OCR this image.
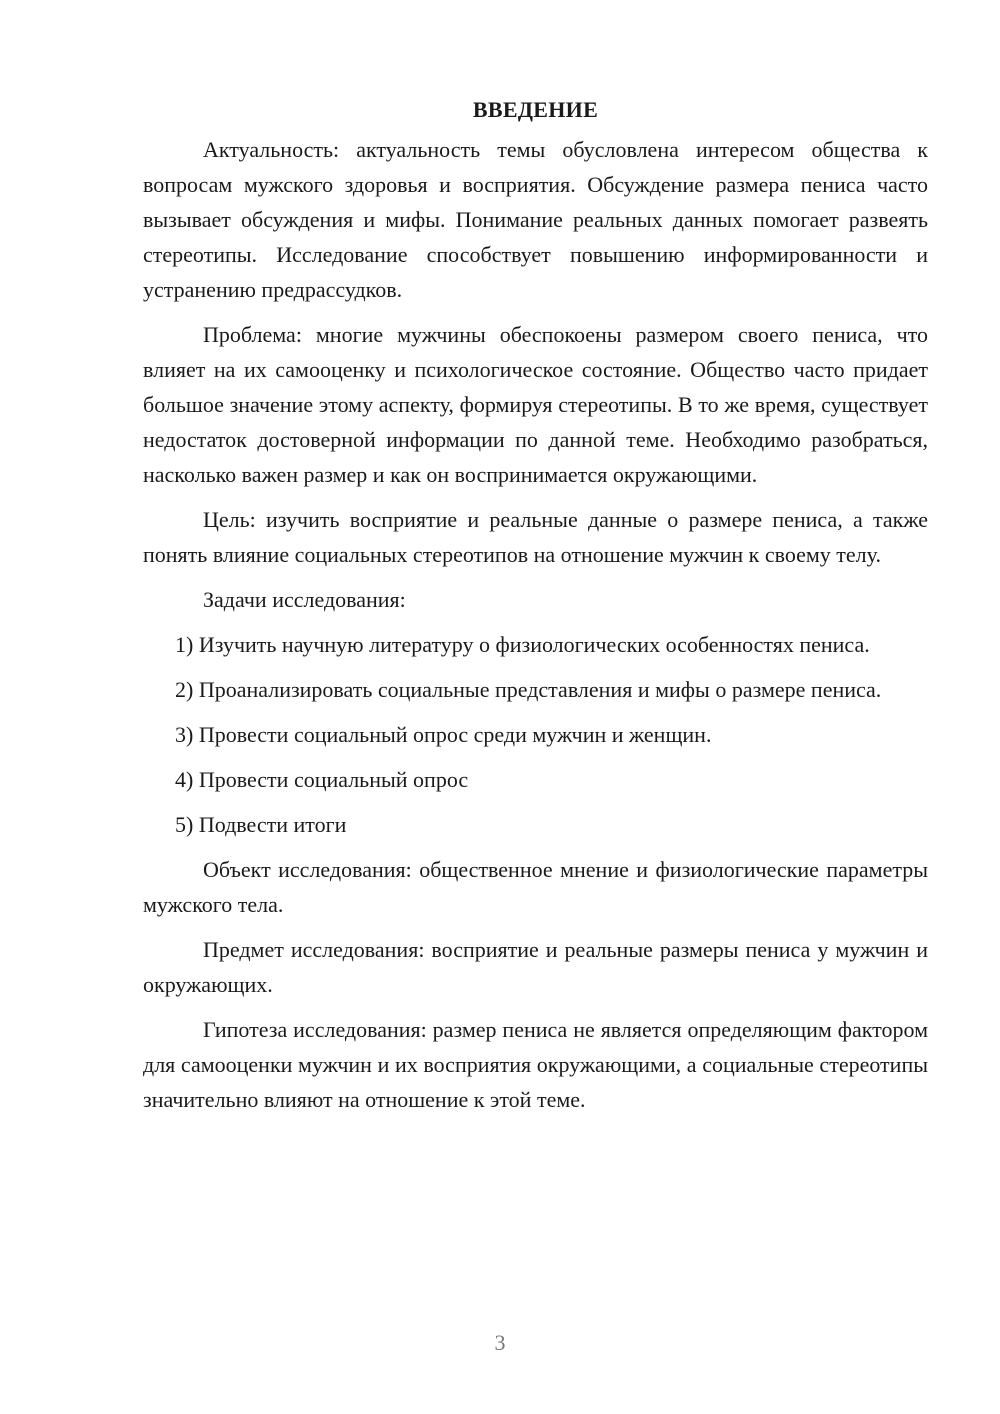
ВВЕДЕНИЕ

Актуальность: актуальность темы обусловлена интересом общества к вопросам мужского здоровья и восприятия. Обсуждение размера пениса часто вызывает обсуждения и мифы. Понимание реальных данных помогает развеять стереотипы. Исследование способствует повышению информированности и устранению предрассудков.

Проблема: многие мужчины обеспокоены размером своего пениса, что влияет на их самооценку и психологическое состояние. Общество часто придает большое значение этому аспекту, формируя стереотипы. В то же время, существует недостаток достоверной информации по данной теме. Необходимо разобраться, насколько важен размер и как он воспринимается окружающими.

Цель: изучить восприятие и реальные данные о размере пениса, а также понять влияние социальных стереотипов на отношение мужчин к своему телу.

Задачи исследования:

1) Изучить научную литературу о физиологических особенностях пениса.

2) Проанализировать социальные представления и мифы о размере пениса.

3) Провести социальный опрос среди мужчин и женщин.

4) Провести социальный опрос

5) Подвести итоги

Объект исследования: общественное мнение и физиологические параметры мужского тела.

Предмет исследования: восприятие и реальные размеры пениса у мужчин и окружающих.

Гипотеза исследования: размер пениса не является определяющим фактором для самооценки мужчин и их восприятия окружающими, а социальные стереотипы значительно влияют на отношение к этой теме.

3
